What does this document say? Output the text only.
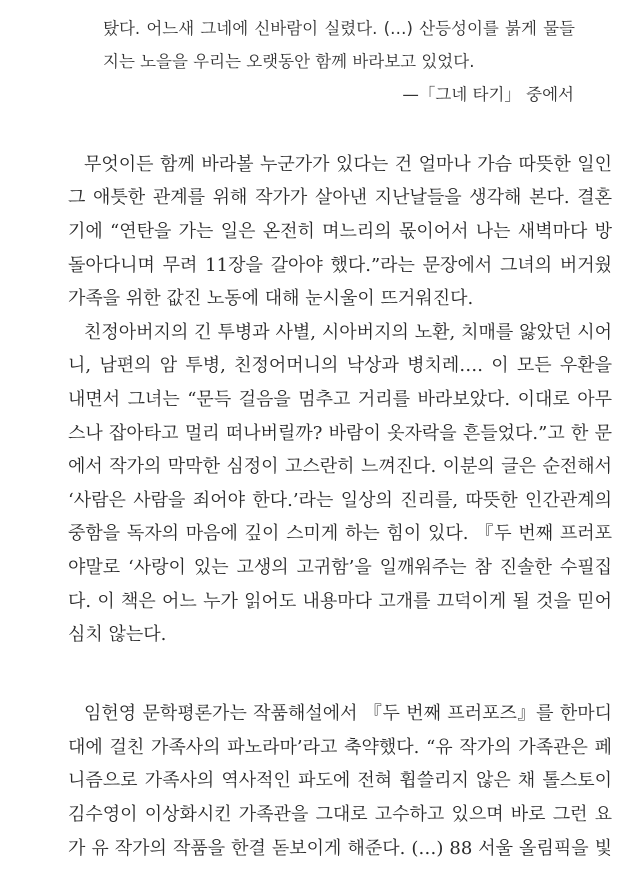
탔다. 어느새 그네에 신바람이 실렸다. (…) 산등성이를 붉게 물들
지는 노을을 우리는 오랫동안 함께 바라보고 있었다.
—「그네 타기」 중에서
무엇이든 함께 바라볼 누군가가 있다는 건 얼마나 가슴 따뜻한 일인
그 애틋한 관계를 위해 작가가 살아낸 지난날들을 생각해 본다. 결혼
기에 “연탄을 가는 일은 온전히 며느리의 몫이어서 나는 새벽마다 방
돌아다니며 무려 11장을 갈아야 했다.”라는 문장에서 그녀의 버거웠
가족을 위한 값진 노동에 대해 눈시울이 뜨거워진다.
친정아버지의 긴 투병과 사별, 시아버지의 노환, 치매를 앓았던 시어
니, 남편의 암 투병, 친정어머니의 낙상과 병치레…. 이 모든 우환을
내면서 그녀는 “문득 걸음을 멈추고 거리를 바라보았다. 이대로 아무
스나 잡아타고 멀리 떠나버릴까? 바람이 옷자락을 흔들었다.”고 한 문
에서 작가의 막막한 심정이 고스란히 느껴진다. 이분의 글은 순전해서
‘사람은 사람을 죄어야 한다.’라는 일상의 진리를, 따뜻한 인간관계의
중함을 독자의 마음에 깊이 스미게 하는 힘이 있다. 『두 번째 프러포
야말로 ‘사랑이 있는 고생의 고귀함’을 일깨워주는 참 진솔한 수필집
다. 이 책은 어느 누가 읽어도 내용마다 고개를 끄덕이게 될 것을 믿어
심치 않는다.
임헌영 문학평론가는 작품해설에서 『두 번째 프러포즈』를 한마디
대에 걸친 가족사의 파노라마’라고 축약했다. “유 작가의 가족관은 페
니즘으로 가족사의 역사적인 파도에 전혀 휩쓸리지 않은 채 톨스토이
김수영이 이상화시킨 가족관을 그대로 고수하고 있으며 바로 그런 요
가 유 작가의 작품을 한결 돋보이게 해준다. (…) 88 서울 올림픽을 빛
